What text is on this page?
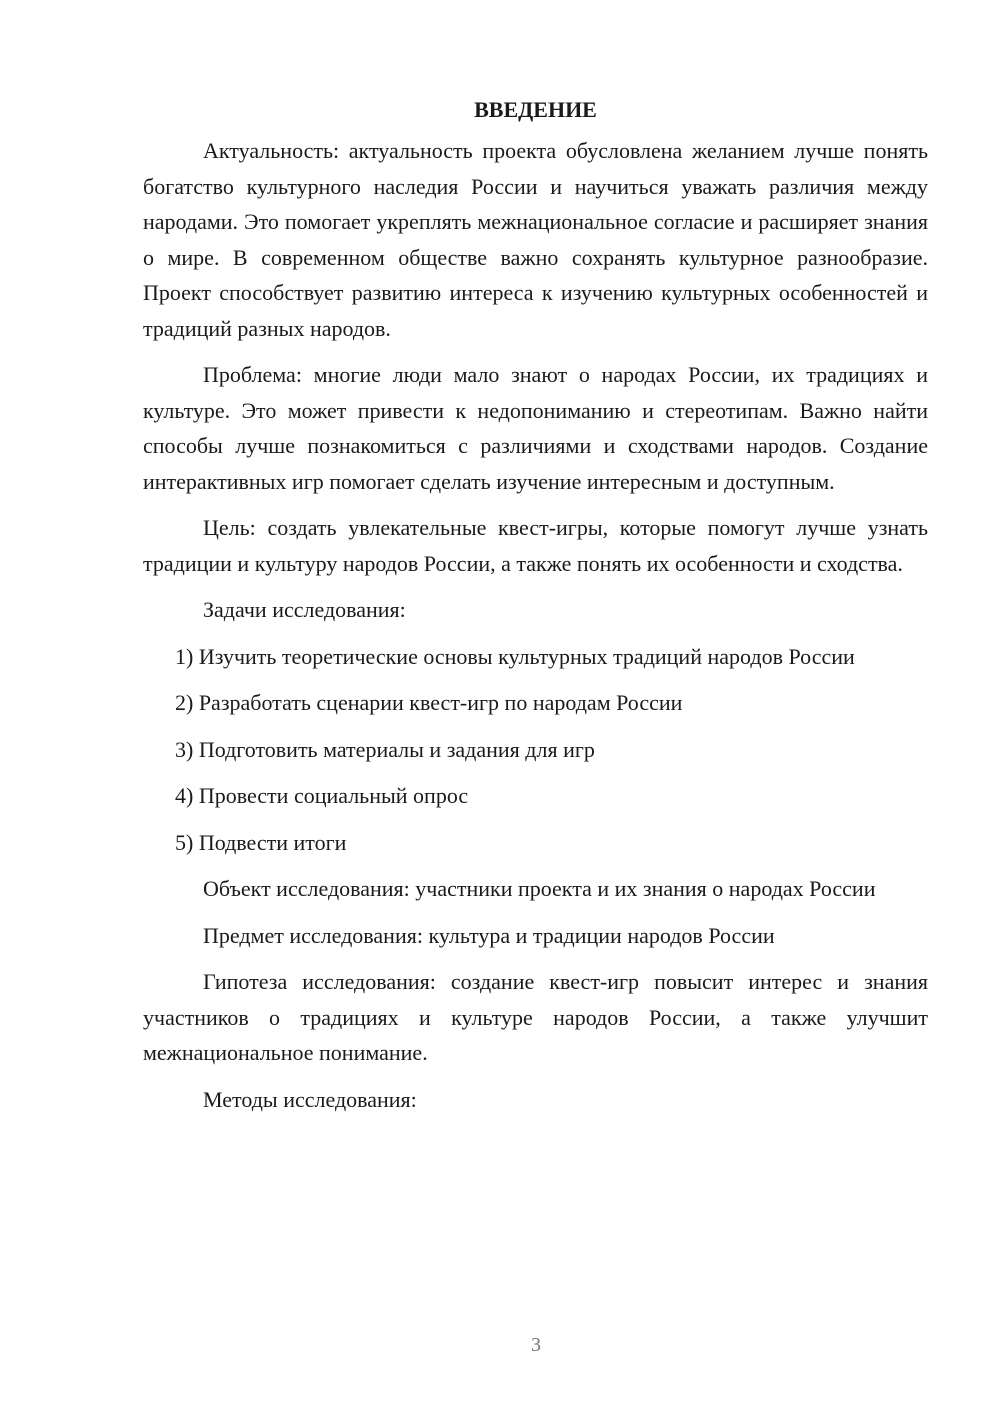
ВВЕДЕНИЕ

Актуальность: актуальность проекта обусловлена желанием лучше понять богатство культурного наследия России и научиться уважать различия между народами. Это помогает укреплять межнациональное согласие и расширяет знания о мире. В современном обществе важно сохранять культурное разнообразие. Проект способствует развитию интереса к изучению культурных особенностей и традиций разных народов.

Проблема: многие люди мало знают о народах России, их традициях и культуре. Это может привести к недопониманию и стереотипам. Важно найти способы лучше познакомиться с различиями и сходствами народов. Создание интерактивных игр помогает сделать изучение интересным и доступным.

Цель: создать увлекательные квест-игры, которые помогут лучше узнать традиции и культуру народов России, а также понять их особенности и сходства.

Задачи исследования:

1) Изучить теоретические основы культурных традиций народов России

2) Разработать сценарии квест-игр по народам России

3) Подготовить материалы и задания для игр

4) Провести социальный опрос

5) Подвести итоги

Объект исследования: участники проекта и их знания о народах России

Предмет исследования: культура и традиции народов России

Гипотеза исследования: создание квест-игр повысит интерес и знания участников о традициях и культуре народов России, а также улучшит межнациональное понимание.

Методы исследования:

3
